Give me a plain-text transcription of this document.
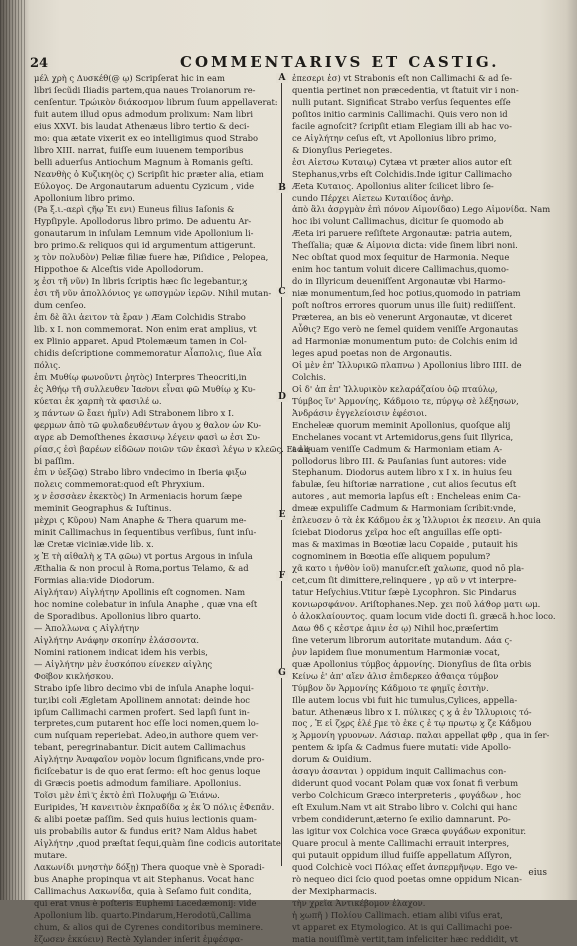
24	COMMENTARIVS ET CASTIG.
μέλ χρὴ ς Δυσκέθ(@ ῳ) Scripſerat hic in eam
libri ſecũdi Iliadis partem,qua naues Troianorum re-
cenſentur. Τρώικὸν διάκοσμον librum ſuum appellaverat:
fuit autem illud opus admodum prolixum: Nam libri
eius XXVI. bis laudat Athenæus libro tertio & deci-
mo: qua ætate vixerit ex eo intelligimus quod Strabo
libro XIII. narrat, fuiſſe eum iuuenem temporibus
belli aduerſus Antiochum Magnum à Romanis geſti.
Νεανθὴς ὁ Κυζικη(ὸς ϛ) Scripſit hic præter alia, etiam
Εύλογος. De Argonautarum aduentu Cyzicum , vide
Apollonium libro primo.
(Pa ξ.ι.-αερὶ ϛῆῳ Ἐι ενι) Euneus filius Iaſonis &
Hypſipyle. Apollodorus libro primo. De aduentu Ar-
gonautarum in inſulam Lemnum vide Apollonium li-
bro primo.& reliquos qui id argumentum attigerunt.
ϗ τὸν πολυδὸν) Peliæ filiæ fuere hæ, Piſidice , Pelopea,
Hippothoe & Alceſtis vide Apollodorum.
ϗ ἐσι τῆ νῦν) In libris ſcriptis hæc ſic legebantur,ϗ
ἐσι τῆ νῦν ἀπολλόνιος γε ωπσγμὼν ἰερῶν. Nihil mutan-
dum cenſeo.
ἐπι δὲ ἂλι ἀειτον τὰ ἔραν ) Æam Colchidis Strabo
lib. x I. non commemorat. Non enim erat amplius, vt
ex Plinio apparet. Apud Ptolemæum tamen in Col-
chidis deſcriptione commemoratur Αἶαπολις, ſiue Αἶα
πόλις.
ἐπι Μυθίῳ φωνοῦντι ῥητὸς) Interpres Theocriti,in
ἐς Ἀθήῳ τῆ συλλευθεν Ἰασ͂ονι εἶναι φῶ Μυθίῳ ϗ Κυ-
κύεται ἐκ ϗαρπὴ τὰ φασιλέ ω.
ϗ πάντων ῶ ἔαει ἡμῖν) Adi Strabonem libro x I.
φερμων ἀπὸ τῶ φυλαδευθέντων ἀγου ϗ θαλον ὡν Κυ-
αγρε ab Demoſthenes ἐκασινῳ λέγειν φασὶ ω ἐσι Συ-
ρίασ,ϛ ἐσὶ βαρέων εἰδῶων ποιῶν τῶν ἐκασὶ λέγω ν κλεῶς. Et ali-
bi paſſim.
ἐπι ν ὐεξῶᾳ) Strabo libro vndecimo in Iberia φιξω
πολεις commemorat:quod eſt Phryxium.
ϗ ν ἐσσσὰεν ἐκεκτὸς) In Armeniacis horum ſæpe
meminit Geographus & Iuſtinus.
μὲχρι ϛ Κῦρου) Nam Anaphe & Thera quarum me-
minit Callimachus in ſequentibus verſibus, ſunt inſu-
læ Cretæ viciniæ.vide lib. x.
ϗ Ἐ τὴ αἰθαλὴ ϗ ΤΑ ᾳῶω) vt portus Argous in inſula
Æthalia & non procul à Roma,portus Telamo, & ad
Formias alia:vide Diodorum.
Αἰγλήταν) Αἰγλήτην Apollinis eſt cognomen. Nam
hoc nomine colebatur in inſula Anaphe , quæ vna eſt
de Sporadibus. Apollonius libro quarto.
— Ἀπολλωνα ϛ Αἰγλήτην
Αἰγλήτην Ανάφην σκοπίην ἐλάσσοντα.
Nomini rationem indicat idem his verbis,
— Αἰγλήτην μὲν ἐυσκόπου είνεκεν αἰγλης
Φοῖ͂βον κικλήσκου.
Strabo ipſe libro decimo vbi de inſula Anaphe loqui-
tur,ibi coli Ægletam Apollinem annotat: deinde hoc
ipſum Callimachi carmen profert. Sed lapſi ſunt in-
terpretes,cum putarent hoc eſſe loci nomen,quem lo-
cum nuſquam reperiebat. Adeo,in authore quem ver-
tebant, peregrinabantur. Dicit autem Callimachus
Αἰγλήτην Ἀναφαῖον νομὸν locum ſignificans,vnde pro-
ficiſcebatur is de quo erat ſermo: eſt hoc genus loque
di Græcis poetis admodum familiare. Apollonius.
Τοῖσι μὲν ἐπὶ ͂ϛ ἐκτὸ ἐπὶ Πολυφήμ ῶ Ἑιάνω.
Euripides, Ἠ κανειτιὸν ἐκπραδίδα ϗ ἐκ Ὁ πόλις ἐΦεπᾶν.
& alibi poetæ paſſim. Sed quis huius lectionis quam-
uis probabilis autor & fundus erit? Nam Aldus habet
Αἰγλήτην ,quod præſtat ſequi,quàm ſine codicis autoritate
mutare.
Λακωνίδι μνηστὴν δόξῃ) Thera quoque vnè è Sporadi-
bus Anaphe propinqua vt ait Stephanus. Vocat hanc
Callimachus Λακωνίδα, quia à Seſamo fuit condita,
qui erat vnus è poſteris Euphemi Lacedæmonij: vide
Apollonium lib. quarto.Pindarum,Herodotũ,Callima
chum, & alios qui de Cyrenes conditoribus meminere.
ἔζωσεν ἐκκύειν) Rectè Xylander inſerit ἐμφέσφα-
ἐπεσερι ἐσ) vt Strabonis eſt non Callimachi & ad ſe-
quentia pertinet non præcedentia, vt ſtatuit vir i non-
nulli putant. Significat Strabo verſus ſequentes eſſe
poſitos initio carminis Callimachi. Quis vero non id
facile agnoſcit? ſcripſit etiam Elegiam illi ab hac vo-
ce Αἰγλήτην ceſus eſt, vt Apollonius libro primo,
& Dionyſius Periegetes.
ἐσι Αἰετσω Κυταιῳ) Cytæa vt præter alios autor eſt
Stephanus,vrbs eſt Colchidis.Inde igitur Callimacho
Æeta Κυταιος. Apollonius aliter ſcilicet libro ſe-
cundo Πέρχει Αἰετεω Κυταιίδος ἀνὴρ.
ἀπὸ ἂλι ἀσργμὰν ἐπὶ πόνον Αἱμονίδαο) Lego Αἱμονίδα. Nam
hoc ibi volunt Callimachus, dicitur ſe quomodo ab
Æeta iri paruere reſiſtete Argonautæ: patria autem,
Theſſalia; quæ & Αἰμονια dicta: vide ſinem libri noni.
Nec obſtat quod mox ſequitur de Harmonia. Neque
enim hoc tantum voluit dicere Callimachus,quomo-
do in Illyricum deueniſſent Argonautæ vbi Harmo-
niæ monumentum,ſed hoc potius,quomodo in patriam
poſt noſtros errores quorum unus ille ſuit) rediiſſent.
Præterea, an bis eò venerunt Argonautæ, vt diceret
Αὖθις? Ego verò ne ſemel quidem veniſſe Argonautas
ad Harmoniæ monumentum puto: de Colchis enim id
leges apud poetas non de Argonautis.
Οἱ μὲν ἐπ' Ἰλλυρικῶ πλαπνω ) Apollonius libro IIII. de
Colchis.
Οἱ δ' ἀπ ἐπ' Ἰλλυρικὸν κελαράζαίου ὁῷ πταύλῳ,
Τύμβος ἵν' Ἁρμονίης, Κάδμοιο τε, πύργῳ σὲ λέξησων,
Ἀνδράσιν ἐγγελείοισιν ἐφέσιοι.
Encheleæ quorum meminit Apollonius, quoſque alij
Enchelanes vocant vt Artemidorus,gens ſuit Illyrica,
ad quam veniſſe Cadmum & Harmoniam etiam A-
pollodorus libro III. & Pauſanias ſunt autores: vide
Stephanum. Diodorus autem libro x I x. in huius ſeu
fabulæ, ſeu hiſtoriæ narratione , cut alios ſecutus eſt
autores , aut memoria lapſus eſt : Encheleas enim Ca-
dmeæ expuliſſe Cadmum & Harmoniam ſcribit:vnde,
ἐπλευσεν ὁ τὰ ἐκ Κάδμου ἐκ ϗ Ἰλλυριοι ἐκ πεσειν. An quia
ſciebat Diodorus χεῖρα hoc eſt anguillas eſſe opti-
mas & maximas in Bœotiæ lacu Copaide , putauit his
cognominem in Bœotia eſſe aliquem populum?
χᾶ κατο ι ἡνθὸν ἰοῦ) manuſcr.eſt χαλωπε, quod nō pla-
cet,cum ſit dimittere,relinquere , γρ αῦ ν vt interpre-
tatur Heſychius.Vtitur ſæpè Lycophron. Sic Pindarus
κονιωρσφάνον. Ariſtophanes.Nep. χει ποῦ λάϑορ ματι ωμ.
ὁ ἀλοκλαίουντος. quam locum vide docti ſi. græcã h.hoc loco.
Δαω ϑδ ϛ κἐστρε ἀμιν ἐσ ῳ) Nihil hoc,præſertim
ſine veterum librorum autoritate mutandum. Δάα ϛ-
ῤυν lapidem ſiue monumentum Harmoniæ vocat,
quæ Apollonius τύμβος ἀρμονίης. Dionyſius de ſita orbis
Κείνω ἐ' ἀπ' αἴεν ἀλισ ἐπιδερκεο ἀϑαιςα τύμβον
Τύμβον ὅν Ἁρμονίης Κάδμοιο τε φημῖς ἐσιτὴν.
Ille autem locus vbi fuit hic tumulus,Cylices, appella-
batur. Athenæus libro x I. πύλικες ϛ ϗ ἀ ἐν Ἰλλυριοις τό-
πος , Ἐ εἰ ζϗρϛ ἐλέ ϝμε τὸ ἐκε ϛ ἐ τῳ πρωτῳ ϗ ζε Κάδμου
ϗ Ἁρμονίη γρυονων. Λάσιαρ. παλαι appellat φθρ , qua in ſer-
pentem & ipſa & Cadmus fuere mutati: vide Apollo-
dorum & Ouidium.
ἀσαγυ ἀσανται ) oppidum inquit Callimachus con-
diderunt quod vocant Polam quæ vox ſonat fi verbum
verbo Colchicum Græco interpreteris , φυγάδων , hoc
eſt Exulum.Nam vt ait Strabo libro v. Colchi qui hanc
vrbem condiderunt,æterno ſe exilio damnarunt. Po-
las igitur vox Colchica voce Græca φυγάδων exponitur.
Quare procul à mente Callimachi errauit interpres,
qui putauit oppidum illud fuiſſe appellatum Aſſyron,
quod Colchicè voci Πόλας eſſet ἀνπερμῆνῳν. Ego ve-
rò nequeo dici ſcio quod poetas omne oppidum Nican-
der Mexipharmacis.
τὴν χρεῖα Ἀντικέβομον ἐλαχον.
ἡ ϗωπῆ ) Πολίου Callimach. etiam alibi viſus erat,
vt apparet ex Etymologico. At is qui Callimachi poe-
matia nouiſſimè vertit,tam infeliciter hæc reddidit, vt
A
B
C
D
E
F
G
eius
